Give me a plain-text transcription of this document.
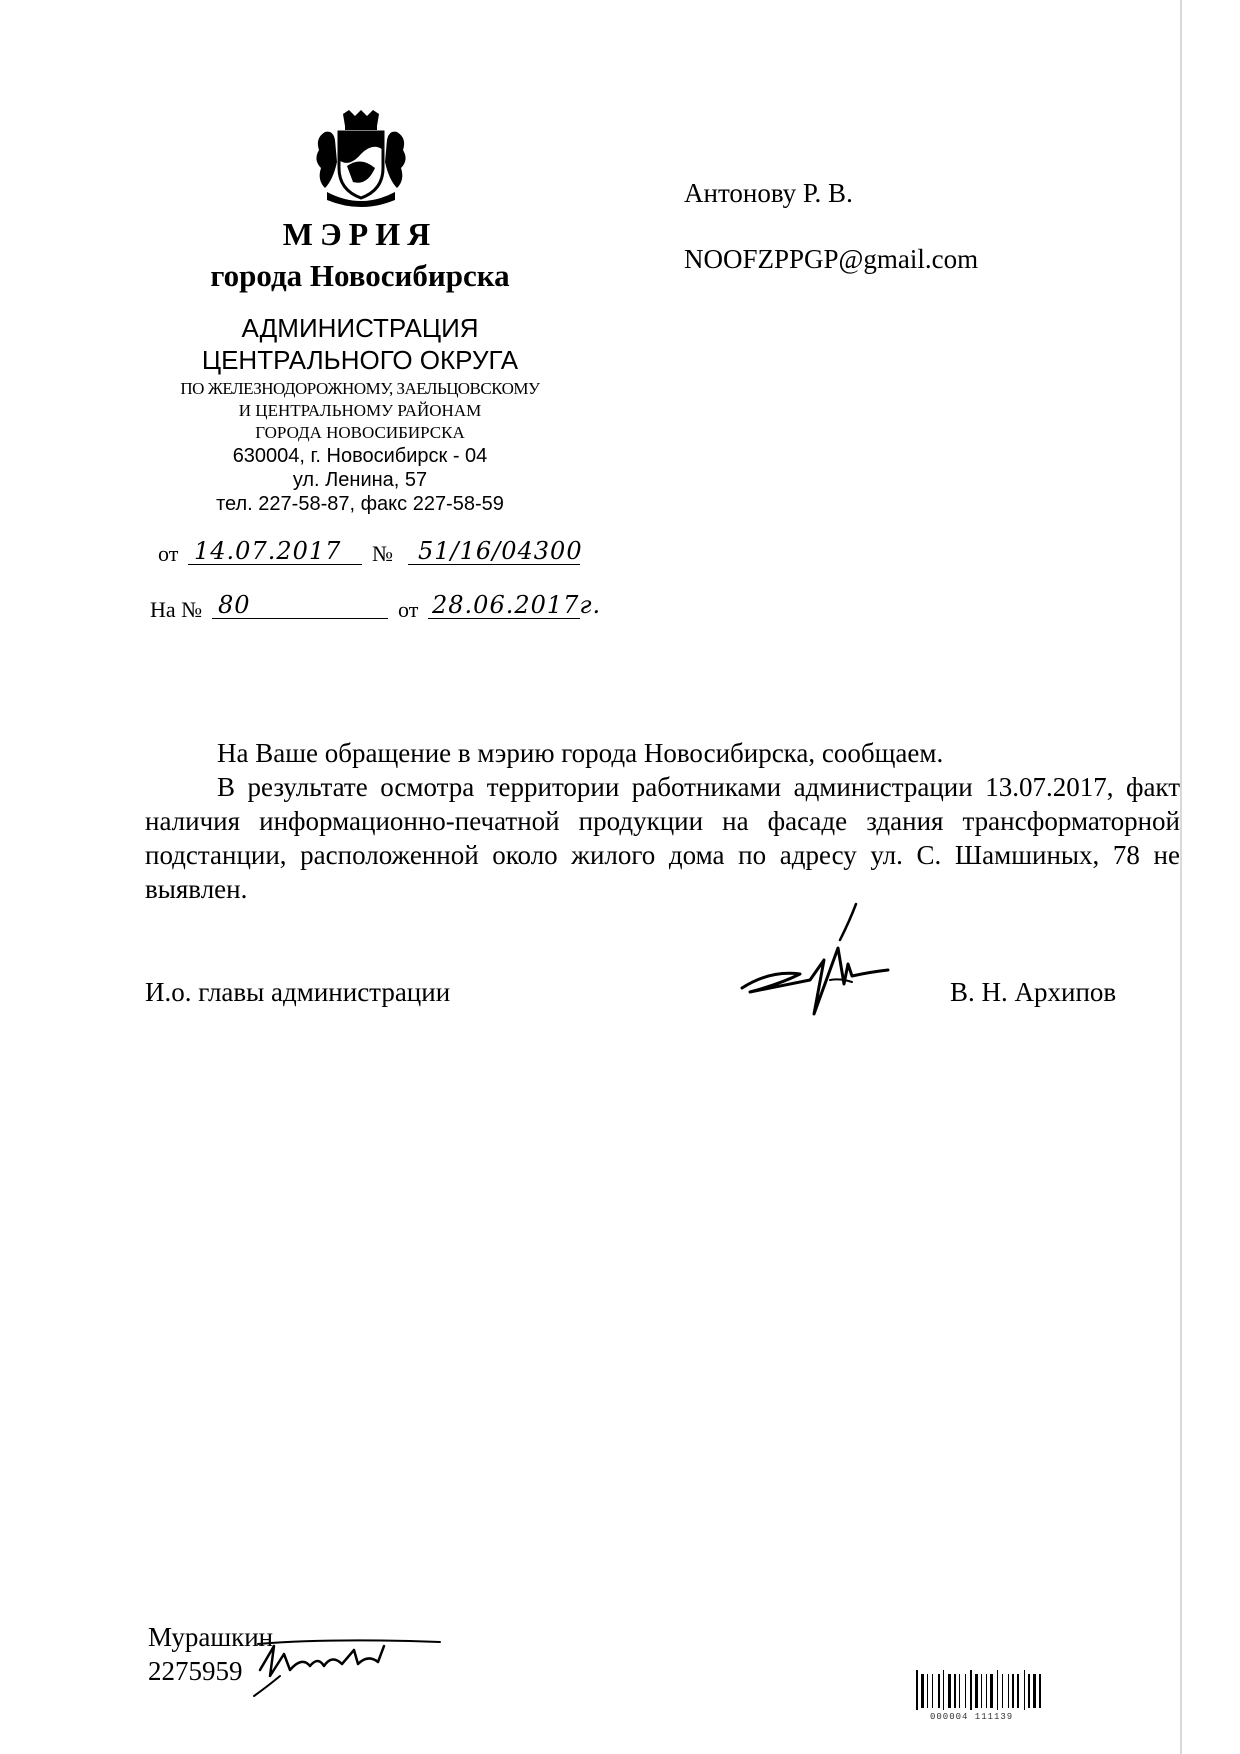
МЭРИЯ
города Новосибирска
АДМИНИСТРАЦИЯ
ЦЕНТРАЛЬНОГО ОКРУГА
ПО ЖЕЛЕЗНОДОРОЖНОМУ, ЗАЕЛЬЦОВСКОМУ
И ЦЕНТРАЛЬНОМУ РАЙОНАМ
ГОРОДА НОВОСИБИРСКА
630004, г. Новосибирск - 04
ул. Ленина, 57
тел. 227-58-87, факс 227-58-59
Антонову Р. В.
NOOFZPPGP@gmail.com
от 14.07.2017	№	51/16/04300
На № 80	от 28.06.2017г.
На Ваше обращение в мэрию города Новосибирска, сообщаем.
В результате осмотра территории работниками администрации 13.07.2017, факт наличия информационно-печатной продукции на фасаде здания трансформаторной подстанции, расположенной около жилого дома по адресу ул. С. Шамшиных, 78 не выявлен.
И.о. главы администрации	В. Н. Архипов
Мурашкин
2275959
000004 111139
